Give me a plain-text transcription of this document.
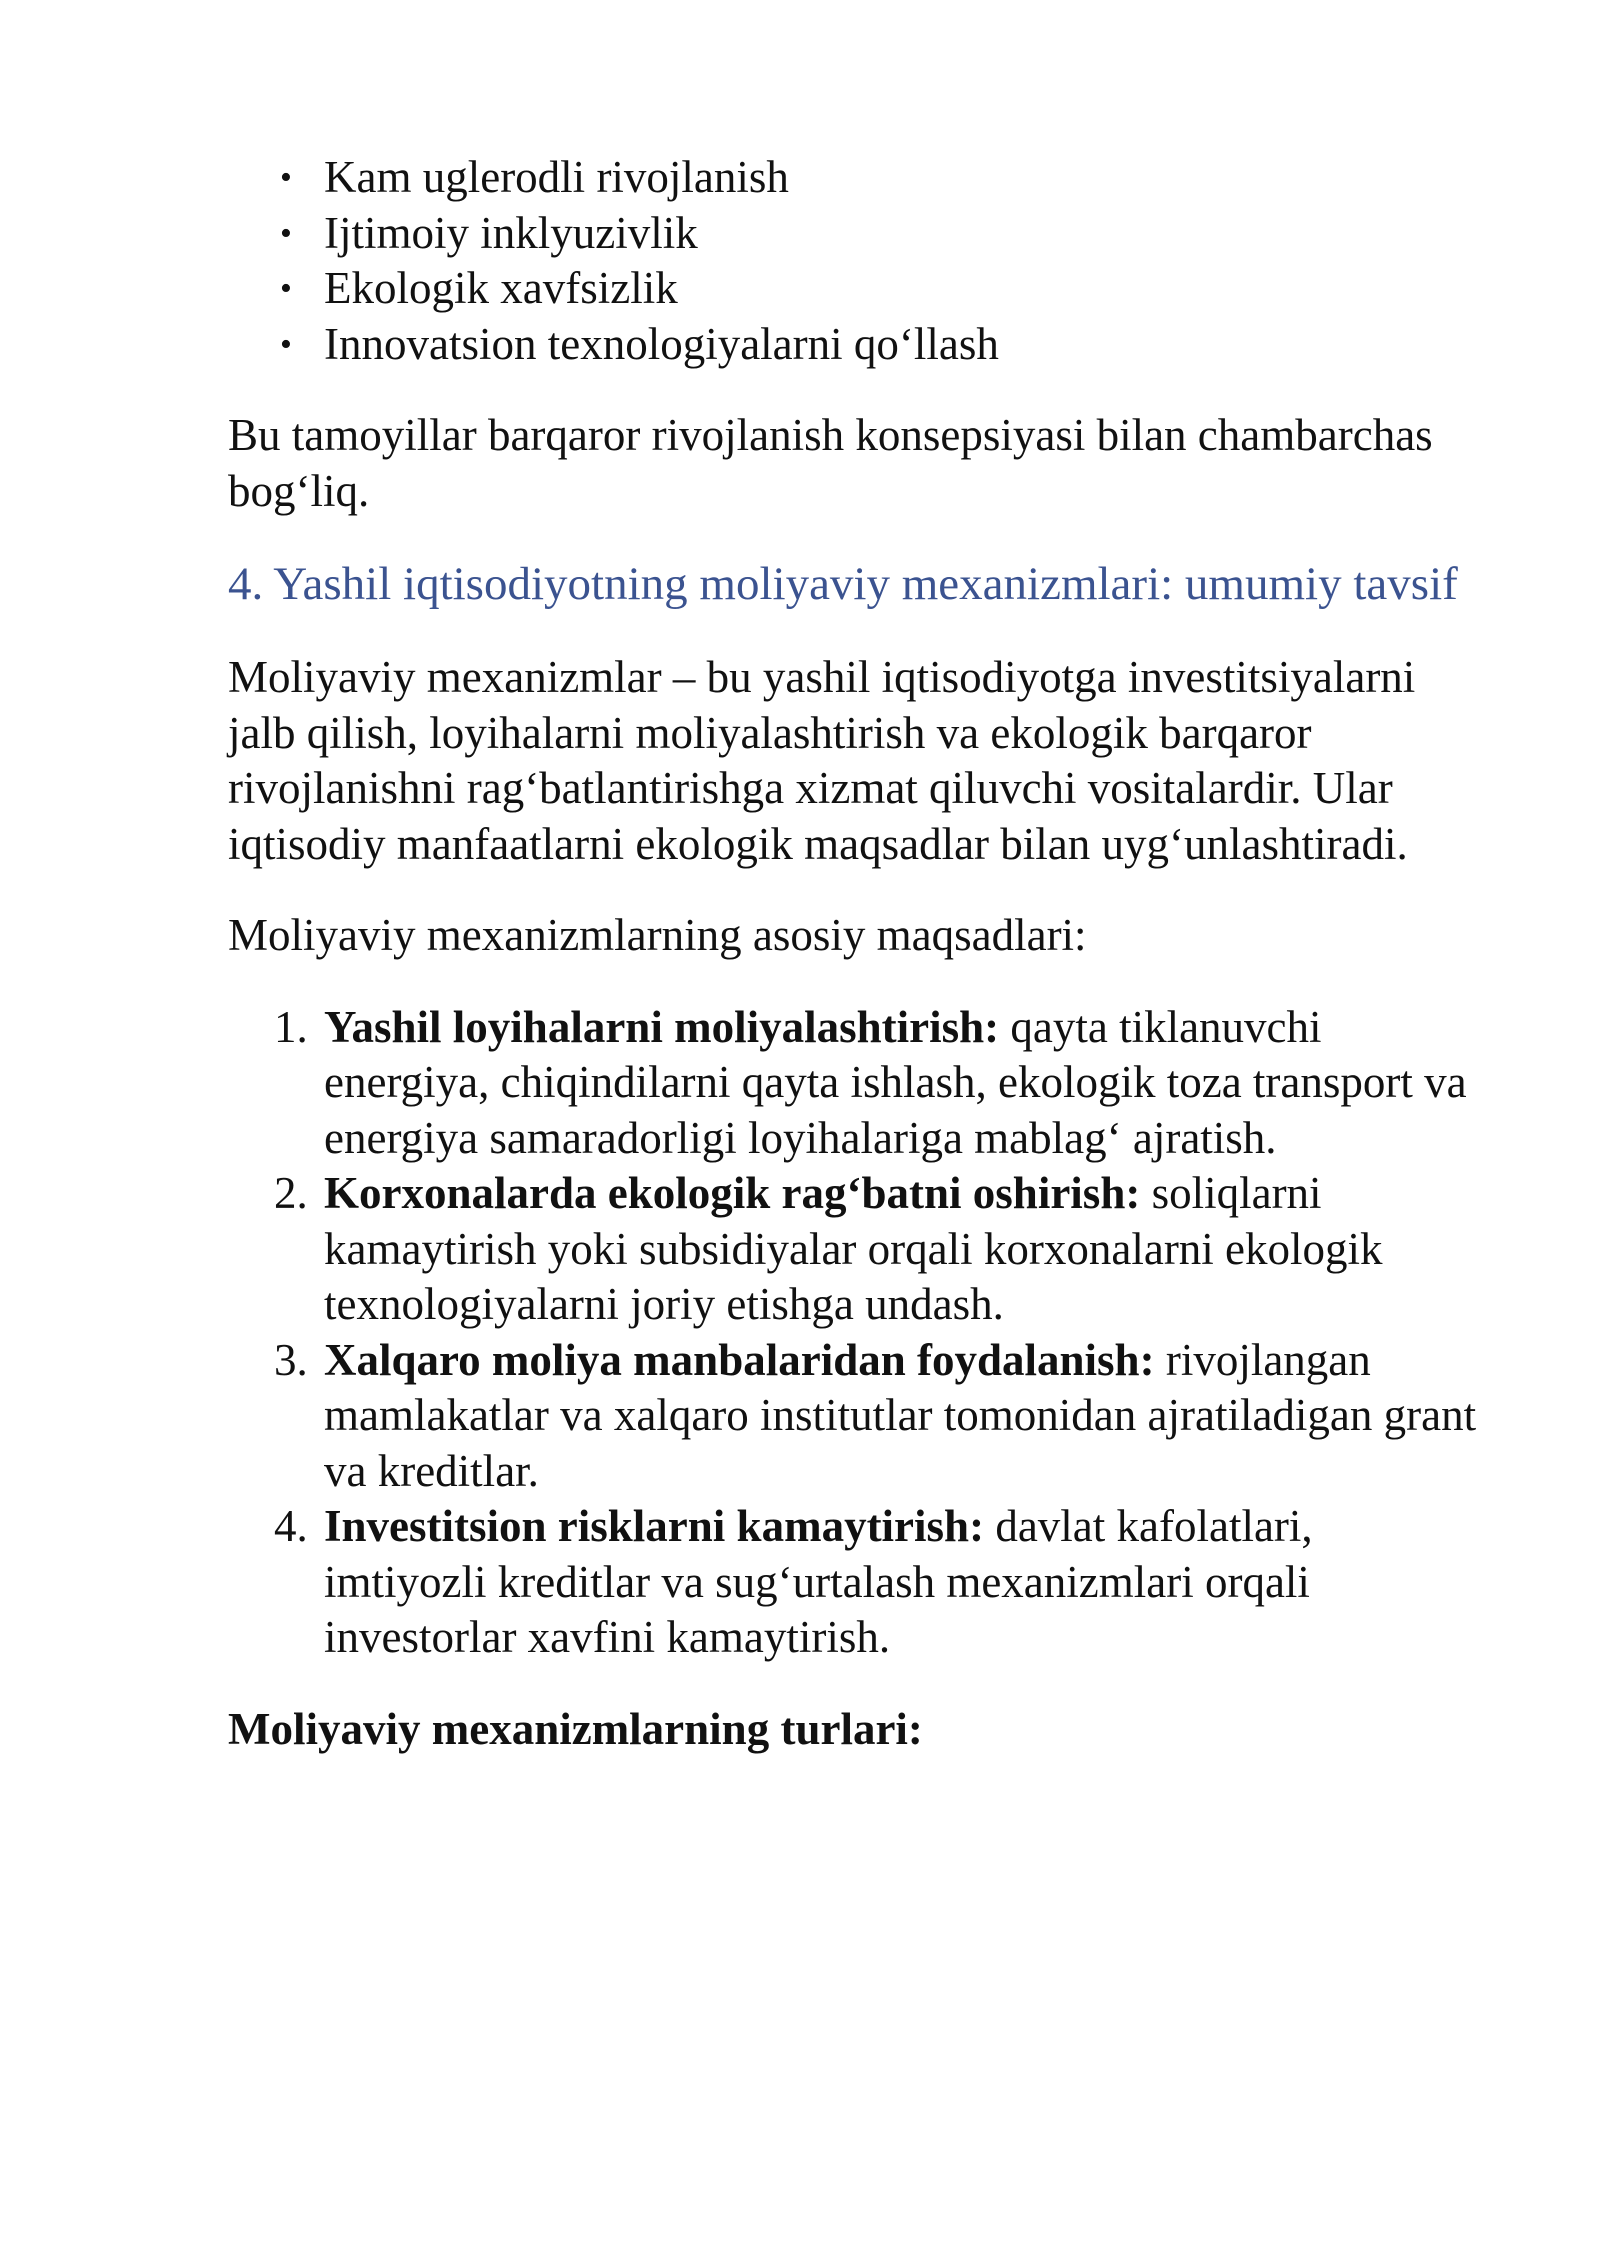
• Kam uglerodli rivojlanish
• Ijtimoiy inklyuzivlik
• Ekologik xavfsizlik
• Innovatsion texnologiyalarni qo‘llash

Bu tamoyillar barqaror rivojlanish konsepsiyasi bilan chambarchas bog‘liq.

4. Yashil iqtisodiyotning moliyaviy mexanizmlari: umumiy tavsif

Moliyaviy mexanizmlar – bu yashil iqtisodiyotga investitsiyalarni jalb qilish, loyihalarni moliyalashtirish va ekologik barqaror rivojlanishni rag‘batlantirishga xizmat qiluvchi vositalardir. Ular iqtisodiy manfaatlarni ekologik maqsadlar bilan uyg‘unlashtiradi.

Moliyaviy mexanizmlarning asosiy maqsadlari:

1. Yashil loyihalarni moliyalashtirish: qayta tiklanuvchi energiya, chiqindilarni qayta ishlash, ekologik toza transport va energiya samaradorligi loyihalariga mablag‘ ajratish.
2. Korxonalarda ekologik rag‘batni oshirish: soliqlarni kamaytirish yoki subsidiyalar orqali korxonalarni ekologik texnologiyalarni joriy etishga undash.
3. Xalqaro moliya manbalaridan foydalanish: rivojlangan mamlakatlar va xalqaro institutlar tomonidan ajratiladigan grant va kreditlar.
4. Investitsion risklarni kamaytirish: davlat kafolatlari, imtiyozli kreditlar va sug‘urtalash mexanizmlari orqali investorlar xavfini kamaytirish.

Moliyaviy mexanizmlarning turlari:
